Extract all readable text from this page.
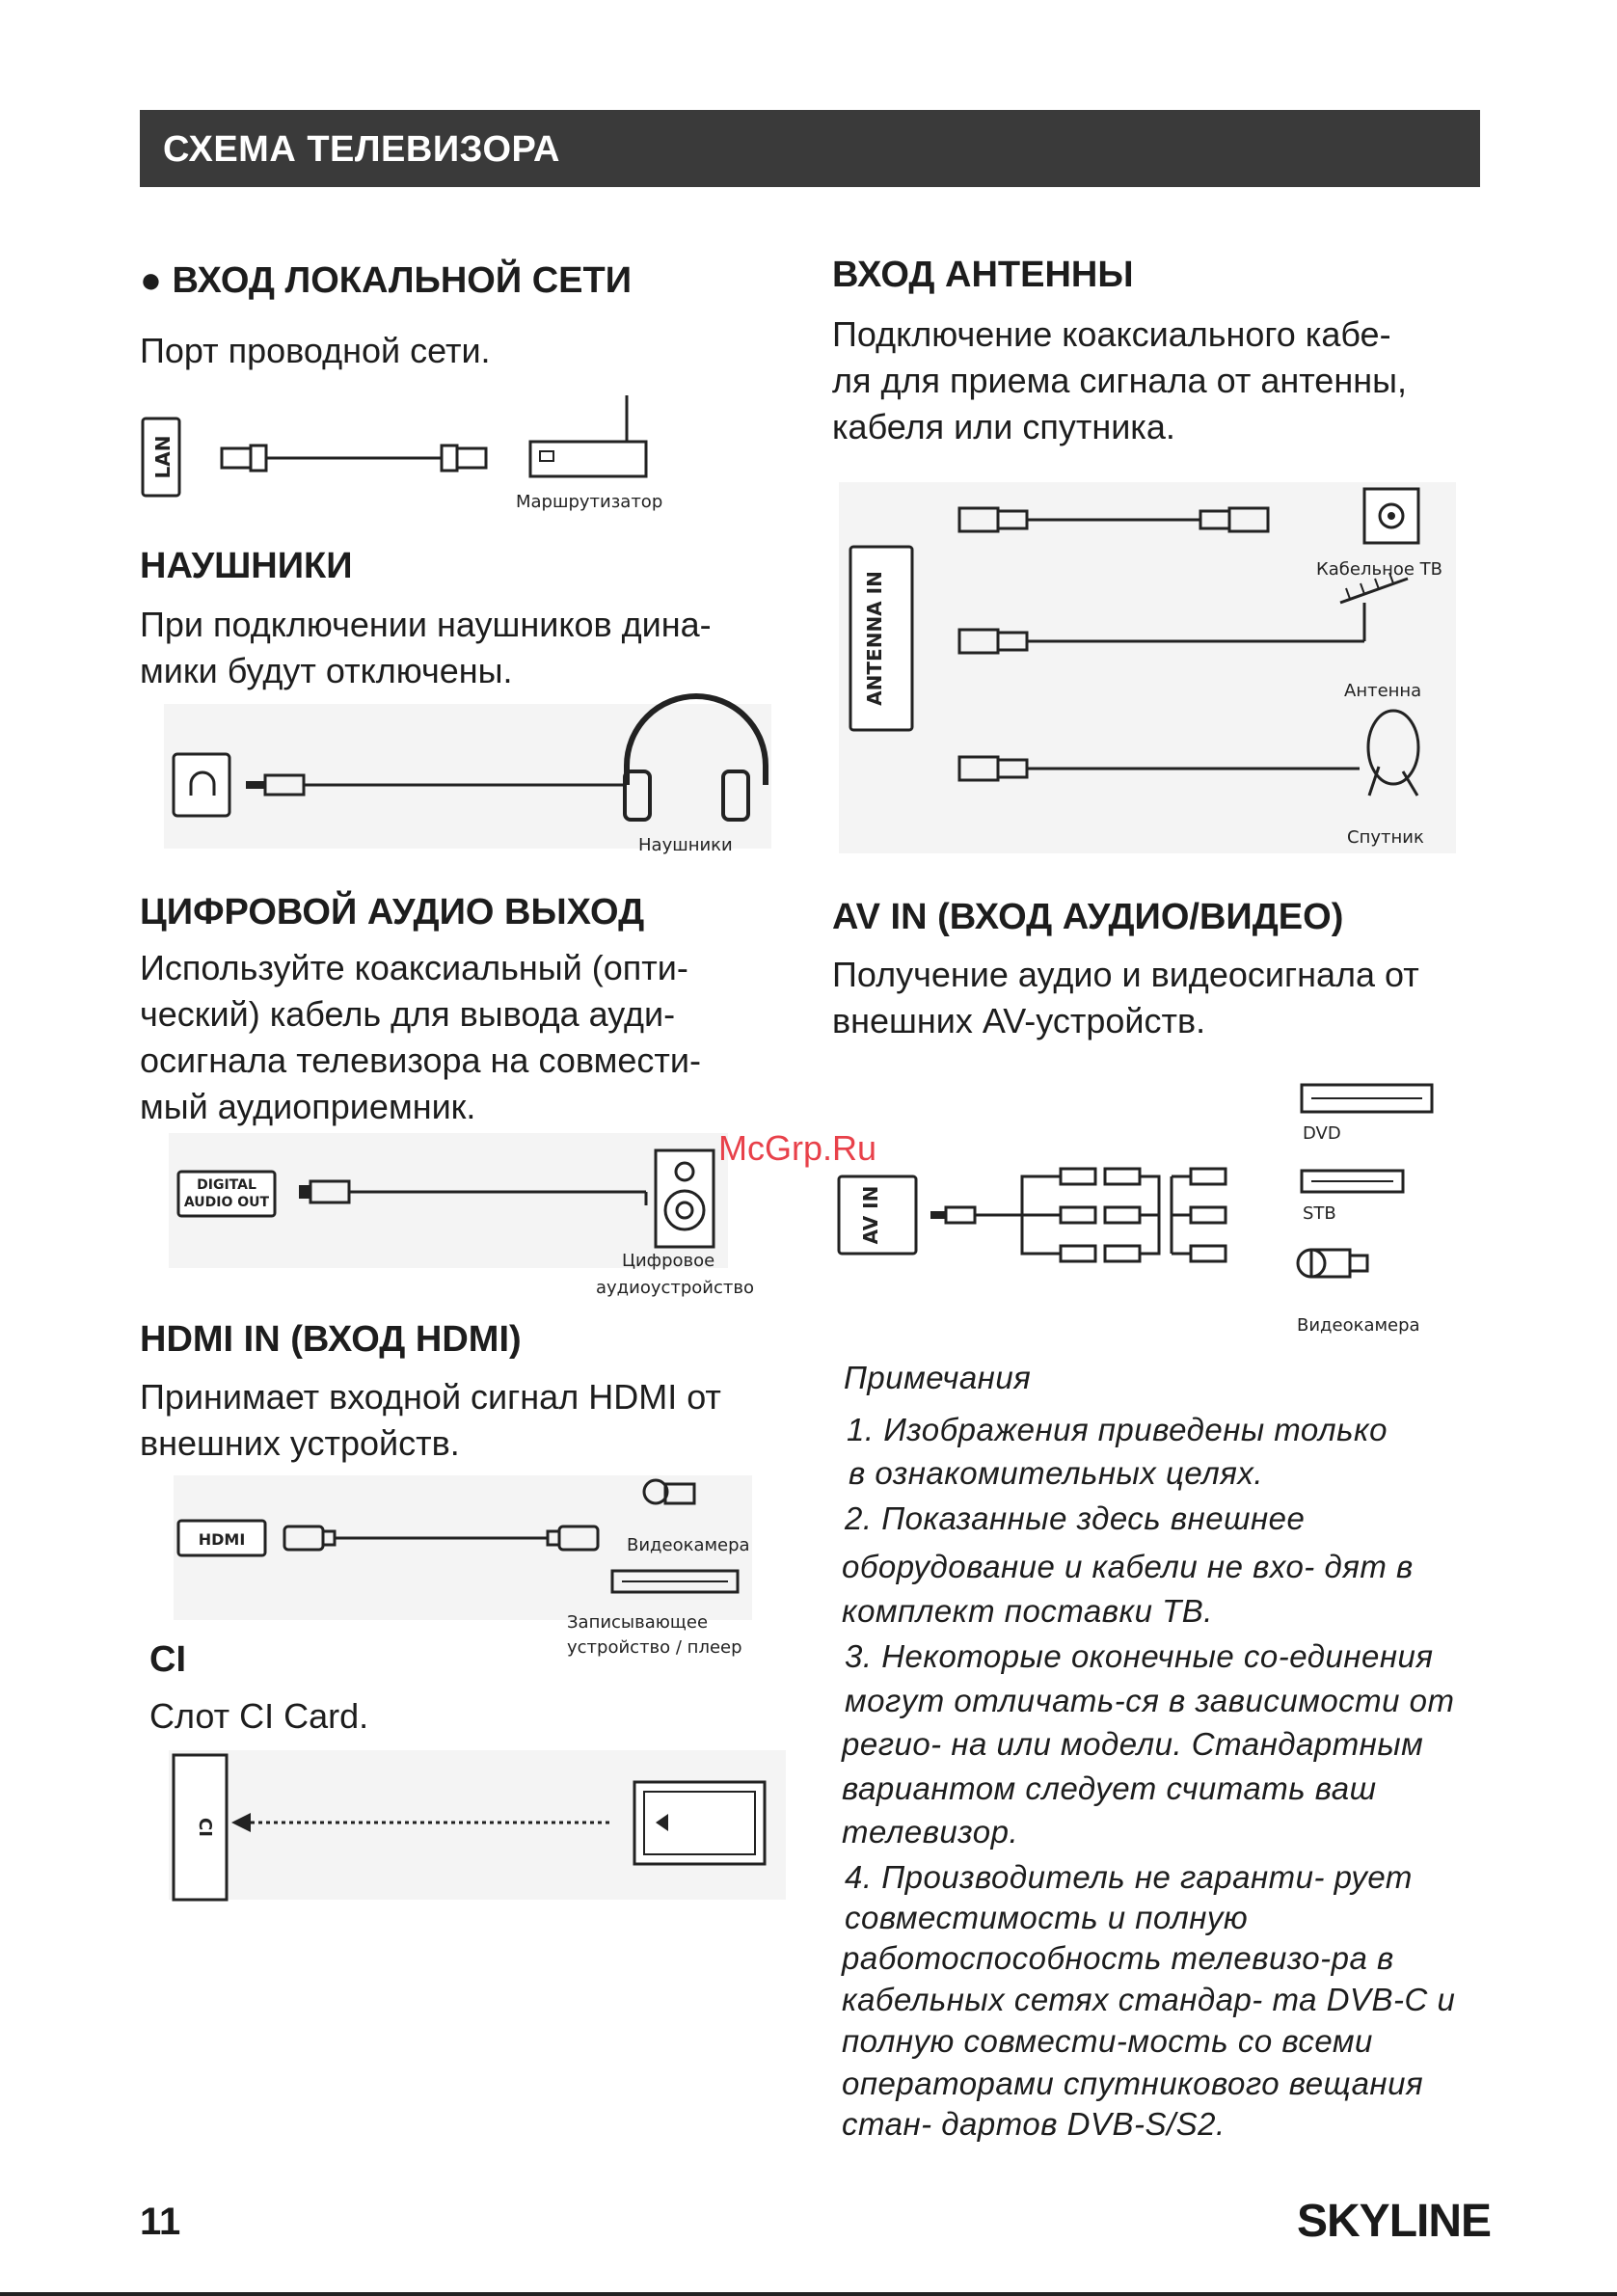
СХЕМА ТЕЛЕВИЗОРА
● ВХОД ЛОКАЛЬНОЙ СЕТИ
Порт проводной сети.
LAN
Маршрутизатор
НАУШНИКИ
При подключении наушников дина-
мики будут отключены.
Наушники
ЦИФРОВОЙ АУДИО ВЫХОД
Используйте коаксиальный (опти-
ческий) кабель для вывода ауди-
осигнала телевизора на совмести-
мый аудиоприемник.
DIGITAL
AUDIO OUT
Цифровое
аудиоустройство
HDMI IN (ВХОД HDMI)
Принимает входной сигнал HDMI от
внешних устройств.
HDMI	Видеокамера
Записывающее
устройство / плеер
CI
Слот CI Card.
CI
ВХОД АНТЕННЫ
Подключение коаксиального кабе-
ля для приема сигнала от антенны,
кабеля или спутника.
ANTENNA IN
Кабельное ТВ
Антенна
Спутник
AV IN (ВХОД АУДИО/ВИДЕО)
Получение аудио и видеосигнала от
внешних AV-устройств.
AV IN
DVD
STB
Видеокамера
Примечания
1. Изображения приведены только
в ознакомительных целях.
2. Показанные здесь внешнее
оборудование и кабели не вхо- дят в
комплект поставки ТВ.
3. Некоторые оконечные со-единения
могут отличать-ся в зависимости от
регио- на или модели. Стандартным
вариантом следует считать ваш
телевизор.
4. Производитель не гаранти- рует
совместимость и полную
работоспособность телевизо-ра в
кабельных сетях стандар- та DVB-C и
полную совмести-мость со всеми
операторами спутникового вещания
стан- дартов DVB-S/S2.
McGrp.Ru
11	SKYLINE
